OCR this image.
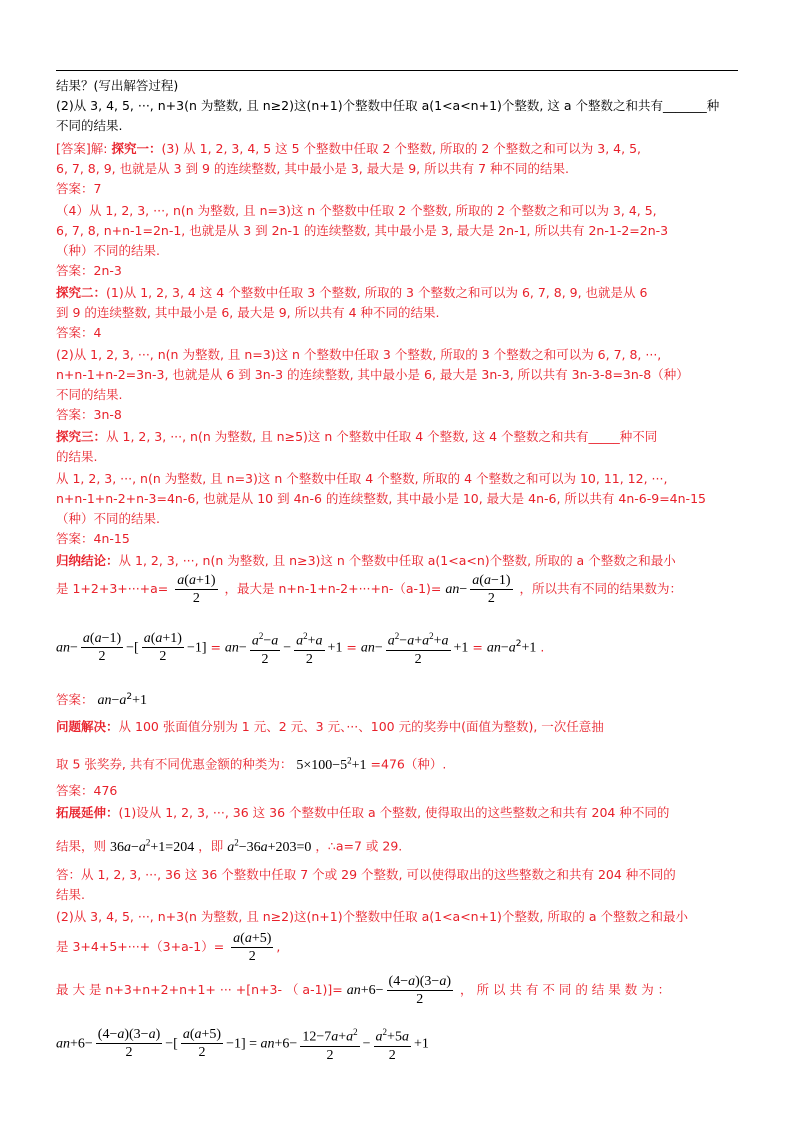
结果？(写出解答过程)
(2)从 3, 4, 5, ···, n+3(n 为整数, 且 n≥2)这(n+1)个整数中任取 a(1<a<n+1)个整数, 这 a 个整数之和共有_______种
不同的结果.
[答案]解: 探究一：(3) 从 1, 2, 3, 4, 5 这 5 个整数中任取 2 个整数, 所取的 2 个整数之和可以为 3, 4, 5,
6, 7, 8, 9, 也就是从 3 到 9 的连续整数, 其中最小是 3, 最大是 9, 所以共有 7 种不同的结果.
答案：7
（4）从 1, 2, 3, ···, n(n 为整数, 且 n=3)这 n 个整数中任取 2 个整数, 所取的 2 个整数之和可以为 3, 4, 5,
6, 7, 8, n+n-1=2n-1, 也就是从 3 到 2n-1 的连续整数, 其中最小是 3, 最大是 2n-1, 所以共有 2n-1-2=2n-3
（种）不同的结果.
答案：2n-3
探究二：(1)从 1, 2, 3, 4 这 4 个整数中任取 3 个整数, 所取的 3 个整数之和可以为 6, 7, 8, 9, 也就是从 6
到 9 的连续整数, 其中最小是 6, 最大是 9, 所以共有 4 种不同的结果.
答案：4
(2)从 1, 2, 3, ···, n(n 为整数, 且 n=3)这 n 个整数中任取 3 个整数, 所取的 3 个整数之和可以为 6, 7, 8, ···,
n+n-1+n-2=3n-3, 也就是从 6 到 3n-3 的连续整数, 其中最小是 6, 最大是 3n-3, 所以共有 3n-3-8=3n-8（种）
不同的结果.
答案：3n-8
探究三：从 1, 2, 3, ···, n(n 为整数, 且 n≥5)这 n 个整数中任取 4 个整数, 这 4 个整数之和共有_____种不同
的结果.
从 1, 2, 3, ···, n(n 为整数, 且 n=3)这 n 个整数中任取 4 个整数, 所取的 4 个整数之和可以为 10, 11, 12, ···,
n+n-1+n-2+n-3=4n-6, 也就是从 10 到 4n-6 的连续整数, 其中最小是 10, 最大是 4n-6, 所以共有 4n-6-9=4n-15
（种）不同的结果.
答案：4n-15
归纳结论：从 1, 2, 3, ···, n(n 为整数, 且 n≥3)这 n 个整数中任取 a(1<a<n)个整数, 所取的 a 个整数之和最小
是 $1+2+3+\cdot\cdot\cdot+a= \frac{a(a+1)}{2}$ ，最大是 $n+n-1+n-2+\cdot\cdot\cdot+n-(a-1)= an- \frac{a(a-1)}{2}$ ，所以共有不同的结果数为：
$an- \frac{a(a-1)}{2}$ −[ $\frac{a(a+1)}{2} -1] = an- \frac{a^2-a}{2} - \frac{a^2+a}{2} +1 = an- \frac{a^2-a+a^2+a}{2} +1 = an-a^2+1$ .
答案： $an-a^2+1$
问题解决：从 100 张面值分别为 1 元、2 元、3 元、···、100 元的奖券中(面值为整数), 一次任意抽
取 5 张奖券, 共有不同优惠金额的种类为： $5\times 100-5^2+1 =476$（种）.
答案：476
拓展延伸：(1)设从 1, 2, 3, ···, 36 这 36 个整数中任取 a 个整数, 使得取出的这些整数之和共有 204 种不同的
结果，则 $36a-a^2+1=204$ ，即 $a^2-36a+203=0$ ，∴a=7 或 29.
答：从 1, 2, 3, ···, 36 这 36 个整数中任取 7 个或 29 个整数, 可以使得取出的这些整数之和共有 204 种不同的
结果.
(2)从 3, 4, 5, ···, n+3(n 为整数, 且 n≥2)这(n+1)个整数中任取 a(1<a<n+1)个整数, 所取的 a 个整数之和最小
是 $3+4+5+\cdot\cdot\cdot+(3+a-1)= \frac{a(a+5)}{2}$ ,
最 大 是 n+3+n+2+n+1+ ··· +[n+3- （ $a-1)]= an+6- \frac{(4-a)(3-a)}{2}$ ， 所 以 共 有 不 同 的 结 果 数 为 ：
$an+6- \frac{(4-a)(3-a)}{2}$ −[ $\frac{a(a+5)}{2} -1] = an+6- \frac{12-7a+a^2}{2} - \frac{a^2+5a}{2} +1$
